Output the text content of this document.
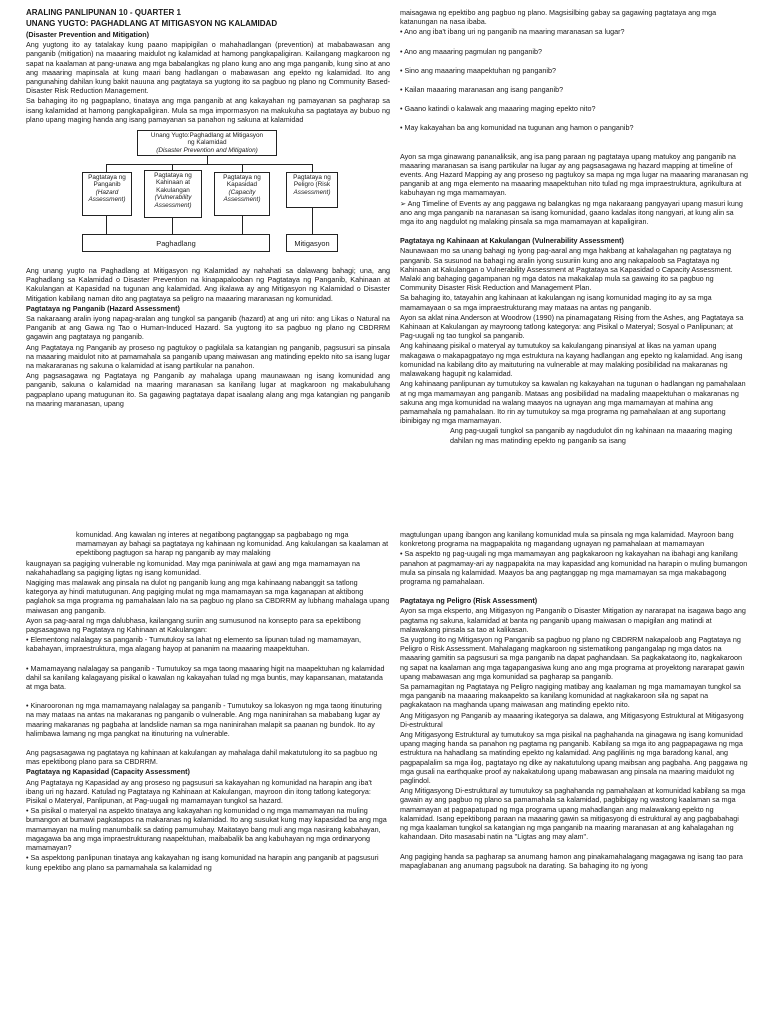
ARALING PANLIPUNAN 10 - QUARTER 1

UNANG YUGTO: PAGHADLANG AT MITIGASYON NG KALAMIDAD

(Disaster Prevention and Mitigation)

Ang yugtong ito ay tatalakay kung paano mapipigilan o mahahadlangan (prevention) at mababawasan ang panganib (mitigation) na maaaring maidulot ng kalamidad at hamong pangkapaligiran. Kailangang magkaroon ng sapat na kaalaman at pang-unawa ang mga babalangkas ng plano kung ano ang mga panganib, kung sino at ano ang maaaring mapinsala at kung maari bang hadlangan o mabawasan ang epekto ng kalamidad. Ito ang pangunahing dahilan kung bakit nauuna ang pagtataya sa yugtong ito sa pagbuo ng plano ng Community Based-Disaster Risk Reduction Management.

Sa bahaging ito ng pagpaplano, tinataya ang mga panganib at ang kakayahan ng pamayanan sa pagharap sa isang kalamidad at hamong pangkapaligiran. Mula sa mga impormasyon na makukuha sa pagtataya ay bubuo ng plano upang maging handa ang isang pamayanan sa panahon ng sakuna at kalamidad

Unang Yugto:Paghadlang at Mitigasyon
ng Kalamidad
(Disaster Prevention and Mitigation)
Pagtataya ng
Panganib
(Hazard
Assessment)
Pagtataya ng
Kahinaan at
Kakulangan
(Vulnerability
Assessment)
Pagtataya ng
Kapasidad
(Capacity
Assessment)
Pagtataya ng
Peligro (Risk
Assessment)
Paghadlang	Mitigasyon

Ang unang yugto na Paghadlang at Mitigasyon ng Kalamidad ay nahahati sa dalawang bahagi; una, ang Paghadlang sa Kalamidad o Disaster Prevention na kinapapalooban ng Pagtataya ng Panganib, Kahinaan at Kakulangan at Kapasidad na tugunan ang kalamidad. Ang ikalawa ay ang Mitigasyon ng Kalamidad o Disaster Mitigation kabilang naman dito ang pagtataya sa peligro na maaaring maranasan ng komunidad.

Pagtataya ng Panganib (Hazard Assessment)

Sa nakaraang aralin iyong napag-aralan ang tungkol sa panganib (hazard) at ang uri nito: ang Likas o Natural na Panganib at ang Gawa ng Tao o Human-Induced Hazard. Sa yugtong ito sa pagbuo ng plano ng CBDRRM gagawin ang pagtataya ng panganib.

Ang Pagtataya ng Panganib ay proseso ng pagtukoy o pagkilala sa katangian ng panganib, pagsusuri sa pinsala na maaaring maidulot nito at pamamahala sa panganib upang maiwasan ang matinding epekto nito sa isang lugar na makararanas ng sakuna o kalamidad at isang partikular na panahon.

Ang pagsasagawa ng Pagtataya ng Panganib ay mahalaga upang maunawaan ng isang komunidad ang panganib, sakuna o kalamidad na maaring maranasan sa kanilang lugar at magkaroon ng makabuluhang pagpaplano upang matugunan ito. Sa gagawing pagtataya dapat isaalang alang ang mga katangian ng panganib na maaring maranasan, upang

maisagawa ng epektibo ang pagbuo ng plano. Magsisilbing gabay sa gagawing pagtataya ang mga katanungan na nasa ibaba.

• Ano ang iba't ibang uri ng panganib na maaring maranasan sa lugar?

• Ano ang maaaring pagmulan ng panganib?

• Sino ang maaaring maapektuhan ng panganib?

• Kailan maaaring maranasan ang isang panganib?

• Gaano katindi o kalawak ang maaaring maging epekto nito?

• May kakayahan ba ang komunidad na tugunan ang hamon o panganib?

Ayon sa mga ginawang pananaliksik, ang isa pang paraan ng pagtataya upang matukoy ang panganib na maaaring maranasan sa isang partikular na lugar ay ang pagsasagawa ng hazard mapping at timeline of events. Ang Hazard Mapping ay ang proseso ng pagtukoy sa mapa ng mga lugar na maaaring maranasan ng panganib at ang mga elemento na maaaring maapektuhan nito tulad ng mga impraestruktura, agrikultura at kabuhayan ng mga mamamayan.

➢ Ang Timeline of Events ay ang paggawa ng balangkas ng mga nakaraang pangyayari upang masuri kung ano ang mga panganib na naranasan sa isang komunidad, gaano kadalas itong nangyari, at kung alin sa mga ito ang nagdulot ng malaking pinsala sa mga mamamayan at kapaligiran.

Pagtataya ng Kahinaan at Kakulangan (Vulnerability Assessment)

Naunawaan mo sa unang bahagi ng iyong pag-aaral ang mga hakbang at kahalagahan ng pagtataya ng panganib. Sa susunod na bahagi ng aralin iyong susuriin kung ano ang nakapaloob sa Pagtataya ng Kahinaan at Kakulangan o Vulnerability Assessment at Pagtataya sa Kapasidad o Capacity Assessment. Malaki ang bahaging gagampanan ng mga datos na makakalap mula sa gawaing ito sa pagbuo ng Community Disaster Risk Reduction and Management Plan.

Sa bahaging ito, tatayahin ang kahinaan at kakulangan ng isang komunidad maging ito ay sa mga mamamayaan o sa mga impraestrukturang may mataas na antas ng panganib.

Ayon sa aklat nina Anderson at Woodrow (1990) na pinamagatang Rising from the Ashes, ang Pagtataya sa Kahinaan at Kakulangan ay mayroong tatlong kategorya: ang Pisikal o Materyal; Sosyal o Panlipunan; at Pag-uugali ng tao tungkol sa panganib.

Ang kahinaang pisikal o materyal ay tumutukoy sa kakulangang pinansiyal at likas na yaman upang makagawa o makapagpatayo ng mga estruktura na kayang hadlangan ang epekto ng kalamidad. Ang isang komunidad na kabilang dito ay maituturing na vulnerable at may malaking posibilidad na makaranas ng malawakang hagupit ng kalamidad.

Ang kahinaang panlipunan ay tumutukoy sa kawalan ng kakayahan na tugunan o hadlangan ng pamahalaan at ng mga mamamayan ang panganib. Mataas ang posibilidad na madaling maapektuhan o makaranas ng sakuna ang mga komunidad na walang maayos na ugnayan ang mga mamamayan at mahina ang pamamahala ng pamahalaan. Ito rin ay tumutukoy sa mga programa ng pamahalaan at ang suportang ibinibigay ng mga mamamayan.

Ang pag-uugali tungkol sa panganib ay nagdudulot din ng kahinaan na maaaring maging dahilan ng mas matinding epekto ng panganib sa isang

komunidad. Ang kawalan ng interes at negatibong pagtanggap sa pagbabago ng mga mamamayan ay bahagi sa pagtataya ng kahinaan ng komunidad. Ang kakulangan sa kaalaman at epektibong pagtugon sa harap ng panganib ay may malaking

kaugnayan sa pagiging vulnerable ng komunidad. May mga paniniwala at gawi ang mga mamamayan na nakahahadlang sa pagiging ligtas ng isang komunidad.

Nagiging mas malawak ang pinsala na dulot ng panganib kung ang mga kahinaang nabanggit sa tatlong kategorya ay hindi matutugunan. Ang pagiging mulat ng mga mamamayan sa mga kaganapan at aktibong paglahok sa mga programa ng pamahalaan lalo na sa pagbuo ng plano sa CBDRRM ay lubhang mahalaga upang maiwasan ang panganib.

Ayon sa pag-aaral ng mga dalubhasa, kailangang suriin ang sumusunod na konsepto para sa epektibong pagsasagawa ng Pagtataya ng Kahinaan at Kakulangan:

• Elementong nalalagay sa panganib - Tumutukoy sa lahat ng elemento sa lipunan tulad ng mamamayan, kabahayan, impraestruktura, mga alagang hayop at pananim na maaaring maapektuhan.

• Mamamayang nalalagay sa panganib - Tumutukoy sa mga taong maaaring higit na maapektuhan ng kalamidad dahil sa kanilang kalagayang pisikal o kawalan ng kakayahan tulad ng mga buntis, may kapansanan, matatanda at mga bata.

• Kinarooronan ng mga mamamayang nalalagay sa panganib - Tumutukoy sa lokasyon ng mga taong itinuturing na may mataas na antas na makaranas ng panganib o vulnerable. Ang mga naninirahan sa mababang lugar ay maaring makaranas ng pagbaha at landslide naman sa mga naninirahan malapit sa paanan ng bundok. Ito ay halimbawa lamang ng mga pangkat na itinuturing na vulnerable.

Ang pagsasagawa ng pagtataya ng kahinaan at kakulangan ay mahalaga dahil makatutulong ito sa pagbuo ng mas epektibong plano para sa CBDRRM.

Pagtataya ng Kapasidad (Capacity Assessment)

Ang Pagtataya ng Kapasidad ay ang proseso ng pagsusuri sa kakayahan ng komunidad na harapin ang iba't ibang uri ng hazard. Katulad ng Pagtataya ng Kahinaan at Kakulangan, mayroon din itong tatlong kategorya: Pisikal o Materyal, Panlipunan, at Pag-uugali ng mamamayan tungkol sa hazard.

• Sa pisikal o materyal na aspekto tinataya ang kakayahan ng komunidad o ng mga mamamayan na muling bumangon at bumawi pagkatapos na makaranas ng kalamidad. Ito ang susukat kung may kapasidad ba ang mga mamamayan na muling manumbalik sa dating pamumuhay. Maitatayo bang muli ang mga nasirang kabahayan, magagawa ba ang mga impraestrukturang naapektuhan, maibabalik ba ang kabuhayan ng mga ordinaryong mamamayan?

• Sa aspektong panlipunan tinataya ang kakayahan ng isang komunidad na harapin ang panganib at pagsusuri kung epektibo ang plano sa pamamahala sa kalamidad ng

magtulungan upang ibangon ang kanilang komunidad mula sa pinsala ng mga kalamidad. Mayroon bang konkretong programa na magpapakita ng magandang ugnayan ng pamahalaan at mamamayan

• Sa aspekto ng pag-uugali ng mga mamamayan ang pagkakaroon ng kakayahan na ibahagi ang kanilang panahon at pagmamay-ari ay nagpapakita na may kapasidad ang komunidad na harapin o muling bumangon mula sa pinsala ng kalamidad. Maayos ba ang pagtanggap ng mga mamamayan sa mga makabagong programa ng pamahalaan.

Pagtataya ng Peligro (Risk Assessment)

Ayon sa mga eksperto, ang Mitigasyon ng Panganib o Disaster Mitigation ay nararapat na isagawa bago ang pagtama ng sakuna, kalamidad at banta ng panganib upang maiwasan o mapigilan ang matindi at malawakang pinsala sa tao at kalikasan.

Sa yugtong ito ng Mitigasyon ng Panganib sa pagbuo ng plano ng CBDRRM nakapaloob ang Pagtataya ng Peligro o Risk Assessment. Mahalagang magkaroon ng sistematikong pangangalap ng mga datos na maaaring gamitin sa pagsusuri sa mga panganib na dapat paghandaan. Sa pagkakataong ito, nagkakaroon ng sapat na kaalaman ang mga tagapangasiwa kung ano ang mga programa at proyektong nararapat gawin upang mabawasan ang mga komunidad sa pagharap sa panganib.

Sa pamamagitan ng Pagtataya ng Peligro nagiging matibay ang kaalaman ng mga mamamayan tungkol sa mga panganib na maaaring makaapekto sa kanilang komunidad at nagkakaroon sila ng sapat na pagkakataon na maghanda upang maiwasan ang matinding epekto nito.

Ang Mitigasyon ng Panganib ay maaaring ikategorya sa dalawa, ang Mitigasyong Estruktural at Mitigasyong Di-estruktural

Ang Mitigasyong Estruktural ay tumutukoy sa mga pisikal na paghahanda na ginagawa ng isang komunidad upang maging handa sa panahon ng pagtama ng panganib. Kabilang sa mga ito ang pagpapagawa ng mga estruktura na hahadlang sa matinding epekto ng kalamidad. Ang paglilinis ng mga baradong kanal, ang pagpapalalim sa mga ilog, pagtatayo ng dike ay nakatutulong upang maibsan ang pagbaha. Ang paggawa ng mga gusali na earthquake proof ay nakakatulong upang mabawasan ang pinsala na maaring maidulot ng paglindol.

Ang Mitigasyong Di-estruktural ay tumutukoy sa paghahanda ng pamahalaan at komunidad kabilang sa mga gawain ay ang pagbuo ng plano sa pamamahala sa kalamidad, pagbibigay ng wastong kaalaman sa mga mamamayan at pagpapatupad ng mga programa upang mahadlangan ang malawakang epekto ng kalamidad. Isang epektibong paraan na maaaring gawin sa mitigasyong di estruktural ay ang pagbabahagi ng mga kaalaman tungkol sa katangian ng mga panganib na maaring maranasan at ang kahalagahan ng kahandaan. Dito masasabi natin na "Ligtas ang may alam".

Ang pagiging handa sa pagharap sa anumang hamon ang pinakamahalagang magagawa ng isang tao para mapaglabanan ang anumang pagsubok na darating. Sa bahaging ito ng iyong
